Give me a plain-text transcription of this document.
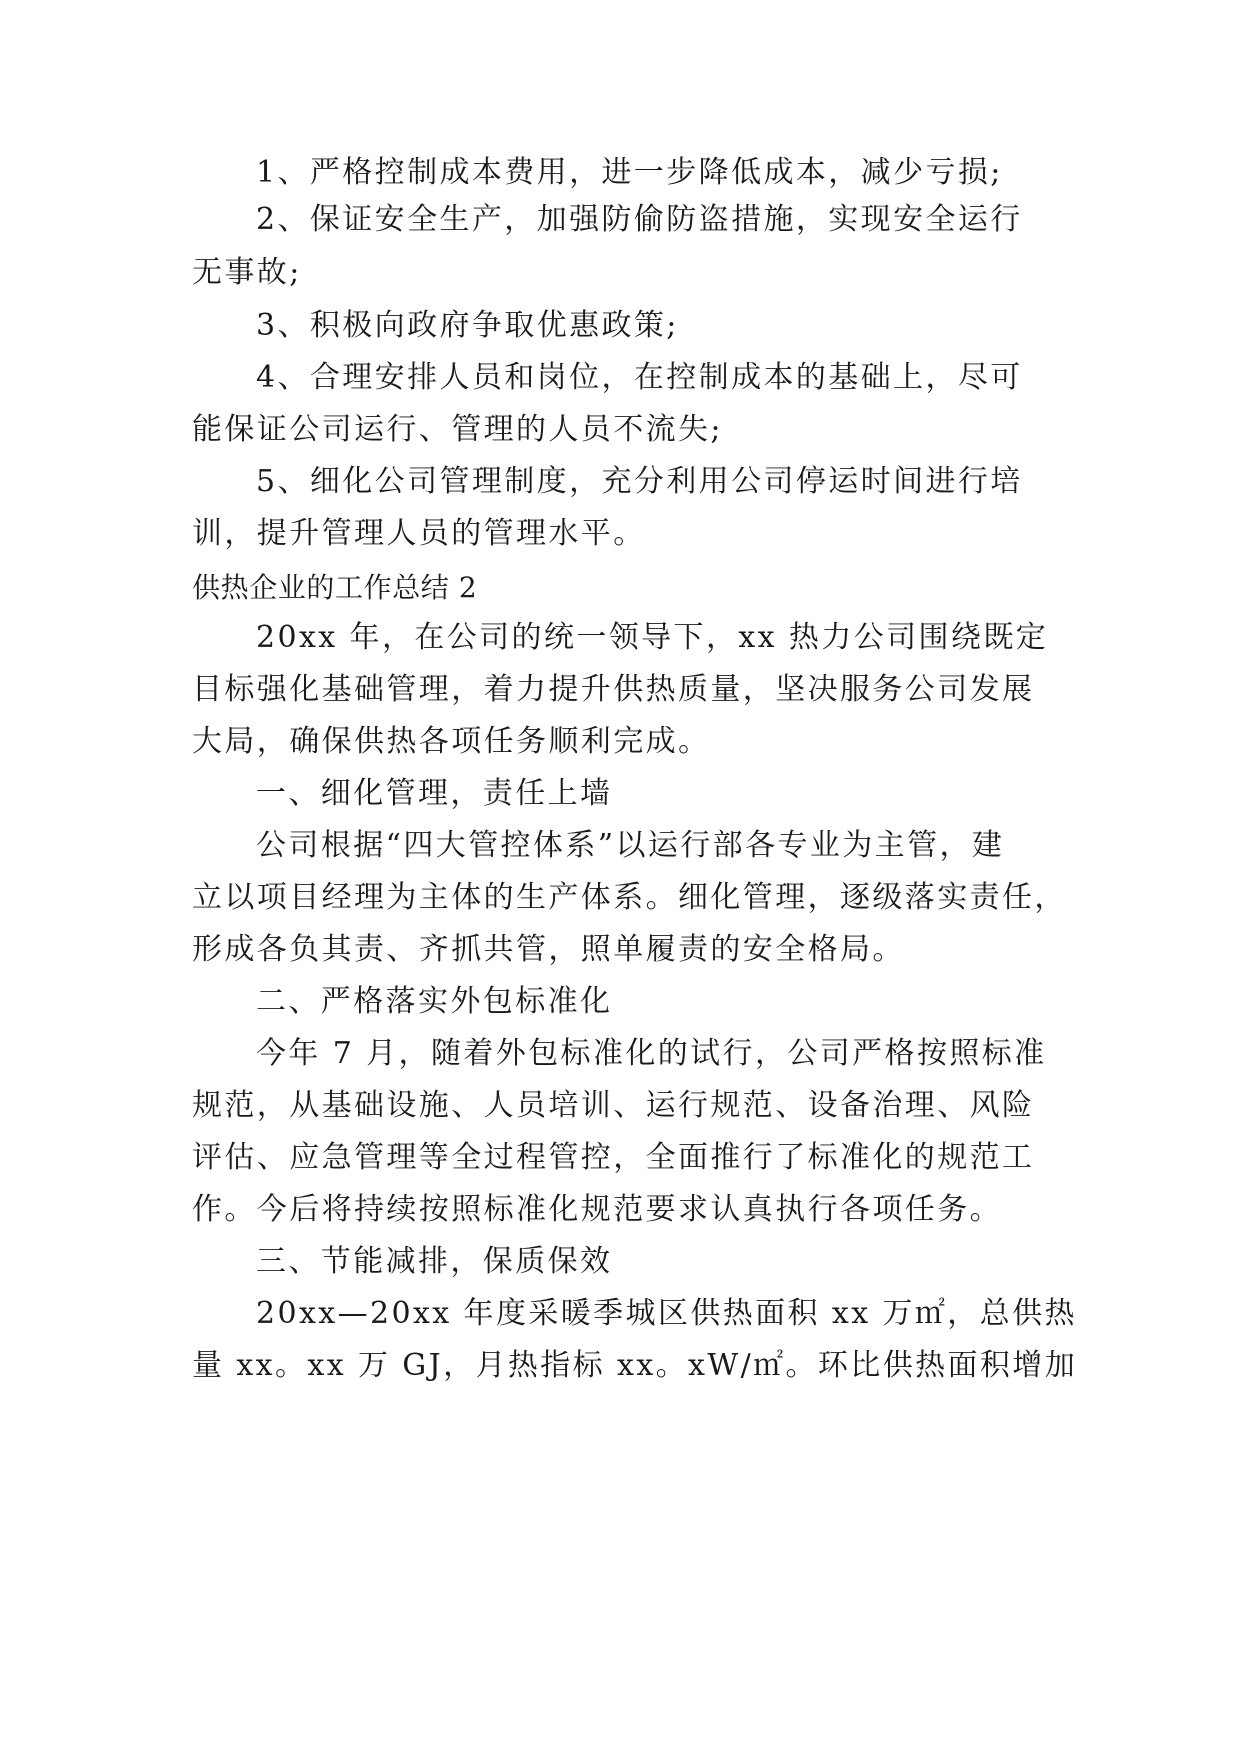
1、严格控制成本费用，进一步降低成本，减少亏损;
2、保证安全生产，加强防偷防盗措施，实现安全运行
无事故;
3、积极向政府争取优惠政策;
4、合理安排人员和岗位，在控制成本的基础上，尽可
能保证公司运行、管理的人员不流失;
5、细化公司管理制度，充分利用公司停运时间进行培
训，提升管理人员的管理水平。
供热企业的工作总结 2
20xx 年，在公司的统一领导下，xx 热力公司围绕既定
目标强化基础管理，着力提升供热质量，坚决服务公司发展
大局，确保供热各项任务顺利完成。
一、细化管理，责任上墙
公司根据“四大管控体系”以运行部各专业为主管，建
立以项目经理为主体的生产体系。细化管理，逐级落实责任，
形成各负其责、齐抓共管，照单履责的安全格局。
二、严格落实外包标准化
今年 7 月，随着外包标准化的试行，公司严格按照标准
规范，从基础设施、人员培训、运行规范、设备治理、风险
评估、应急管理等全过程管控，全面推行了标准化的规范工
作。今后将持续按照标准化规范要求认真执行各项任务。
三、节能减排，保质保效
20xx—20xx 年度采暖季城区供热面积 xx 万㎡，总供热
量 xx。xx 万 GJ，月热指标 xx。xW/㎡。环比供热面积增加
